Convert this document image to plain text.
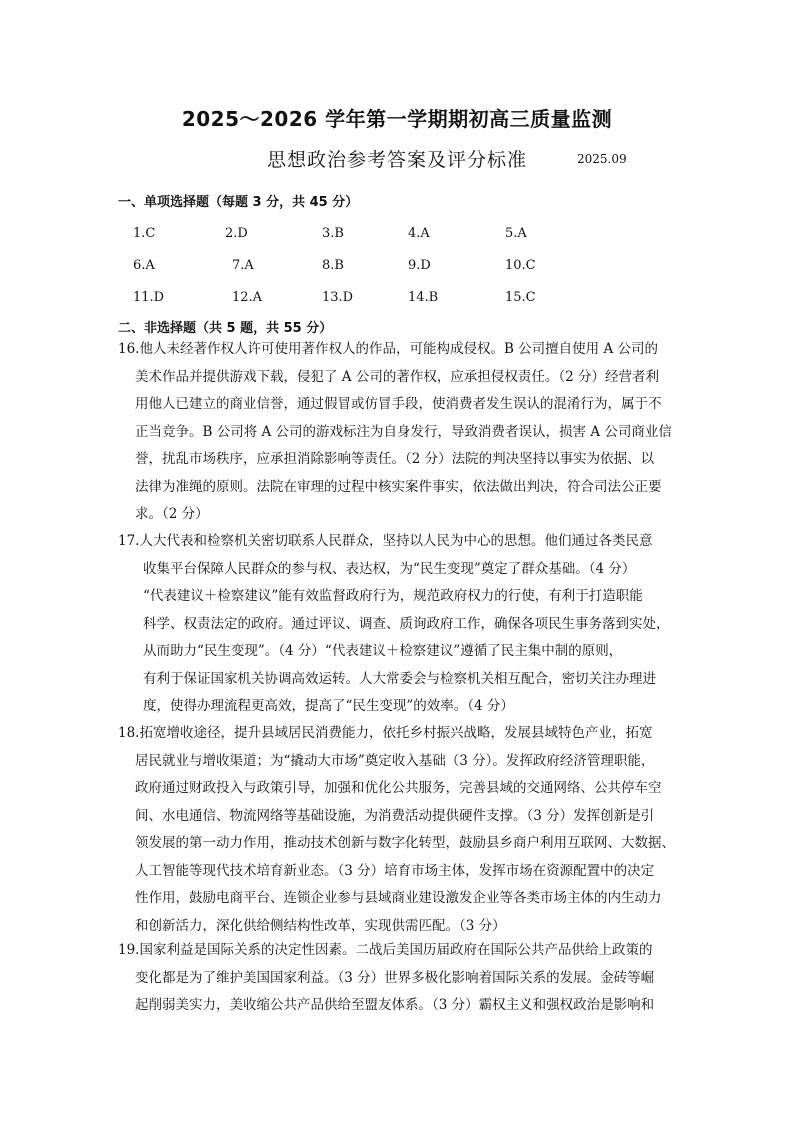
2025～2026 学年第一学期期初高三质量监测
思想政治参考答案及评分标准	2025.09
一、单项选择题（每题 3 分，共 45 分）
1.C	2.D	3.B	4.A	5.A
6.A	7.A	8.B	9.D	10.C
11.D	12.A	13.D	14.B	15.C
二、非选择题（共 5 题，共 55 分）
16.他人未经著作权人许可使用著作权人的作品，可能构成侵权。B 公司擅自使用 A 公司的
美术作品并提供游戏下载，侵犯了 A 公司的著作权，应承担侵权责任。（2 分）经营者利
用他人已建立的商业信誉，通过假冒或仿冒手段，使消费者发生误认的混淆行为，属于不
正当竞争。B 公司将 A 公司的游戏标注为自身发行，导致消费者误认，损害 A 公司商业信
誉，扰乱市场秩序，应承担消除影响等责任。（2 分）法院的判决坚持以事实为依据、以
法律为准绳的原则。法院在审理的过程中核实案件事实，依法做出判决，符合司法公正要
求。（2 分）
17.人大代表和检察机关密切联系人民群众，坚持以人民为中心的思想。他们通过各类民意
收集平台保障人民群众的参与权、表达权，为“民生变现”奠定了群众基础。（4 分）
“代表建议＋检察建议”能有效监督政府行为，规范政府权力的行使，有利于打造职能
科学、权责法定的政府。通过评议、调查、质询政府工作，确保各项民生事务落到实处，
从而助力“民生变现”。（4 分）“代表建议＋检察建议”遵循了民主集中制的原则，
有利于保证国家机关协调高效运转。人大常委会与检察机关相互配合，密切关注办理进
度，使得办理流程更高效，提高了“民生变现”的效率。（4 分）
18.拓宽增收途径，提升县域居民消费能力，依托乡村振兴战略，发展县域特色产业，拓宽
居民就业与增收渠道；为“撬动大市场”奠定收入基础（3 分）。发挥政府经济管理职能，
政府通过财政投入与政策引导，加强和优化公共服务，完善县域的交通网络、公共停车空
间、水电通信、物流网络等基础设施，为消费活动提供硬件支撑。（3 分）发挥创新是引
领发展的第一动力作用，推动技术创新与数字化转型，鼓励县乡商户利用互联网、大数据、
人工智能等现代技术培育新业态。（3 分）培育市场主体，发挥市场在资源配置中的决定
性作用，鼓励电商平台、连锁企业参与县域商业建设激发企业等各类市场主体的内生动力
和创新活力，深化供给侧结构性改革，实现供需匹配。（3 分）
19.国家利益是国际关系的决定性因素。二战后美国历届政府在国际公共产品供给上政策的
变化都是为了维护美国国家利益。（3 分）世界多极化影响着国际关系的发展。金砖等崛
起削弱美实力，美收缩公共产品供给至盟友体系。（3 分）霸权主义和强权政治是影响和
